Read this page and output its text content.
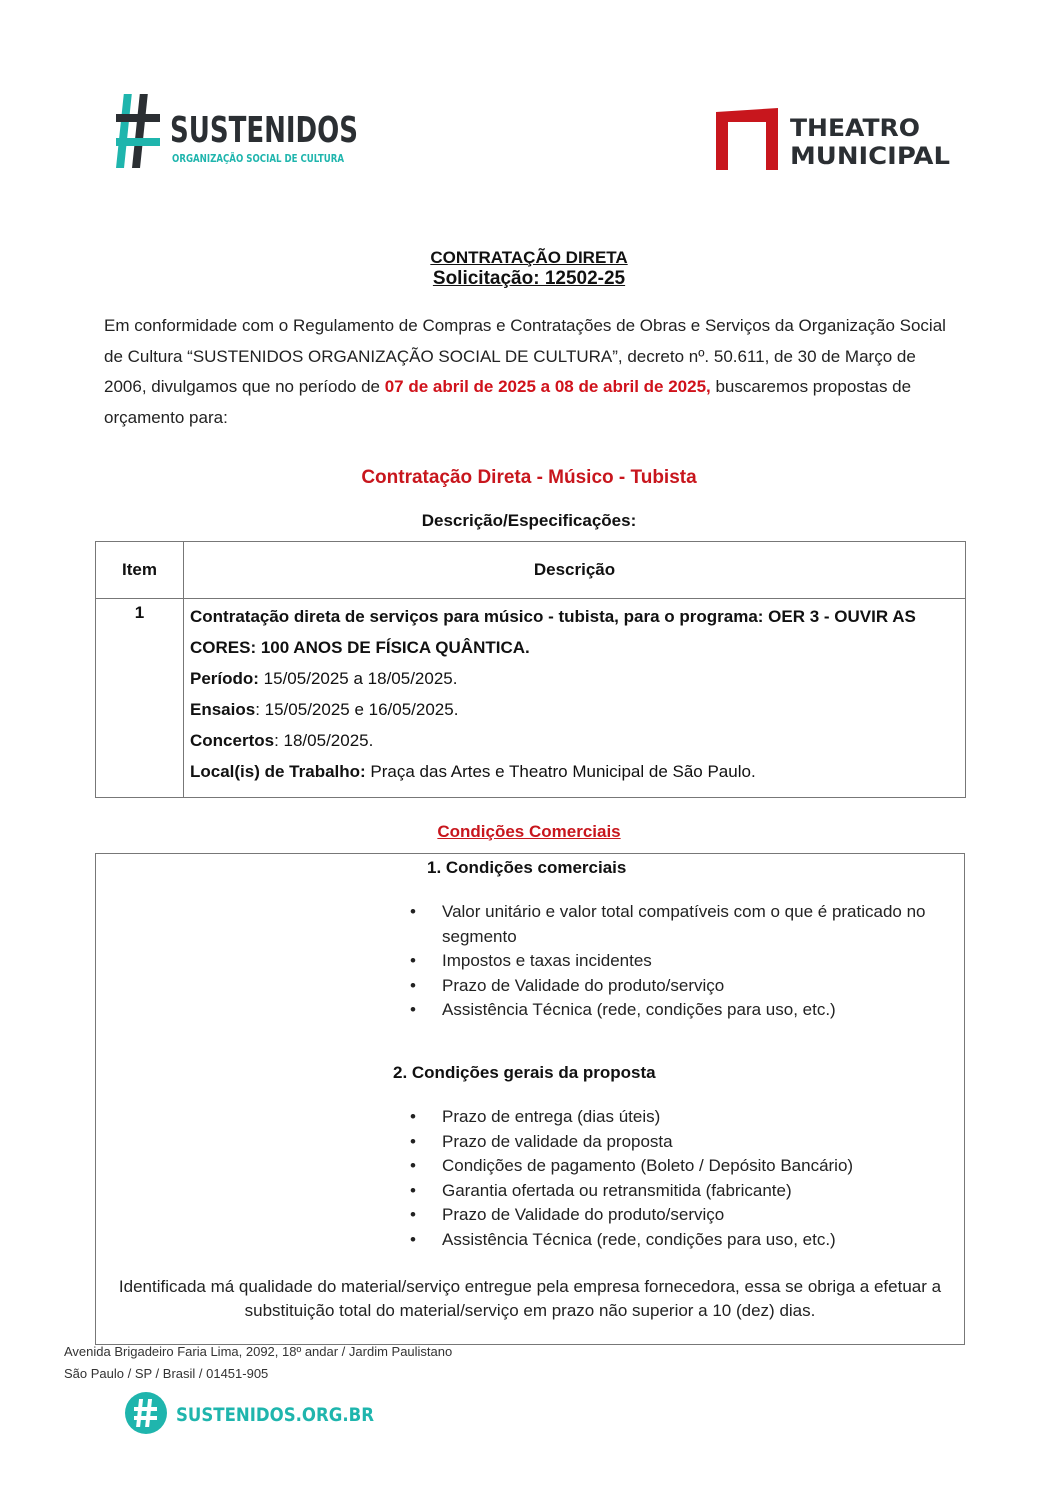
SUSTENIDOS
ORGANIZAÇÃO SOCIAL DE CULTURA
THEATRO
MUNICIPAL
CONTRATAÇÃO DIRETA
Solicitação: 12502-25
Em conformidade com o Regulamento de Compras e Contratações de Obras e Serviços da Organização Social de Cultura “SUSTENIDOS ORGANIZAÇÃO SOCIAL DE CULTURA”, decreto nº. 50.611, de 30 de Março de 2006, divulgamos que no período de 07 de abril de 2025 a 08 de abril de 2025, buscaremos propostas de orçamento para:
Contratação Direta - Músico - Tubista
Descrição/Especificações:
Item	Descrição
1	Contratação direta de serviços para músico - tubista, para o programa: OER 3 - OUVIR AS CORES: 100 ANOS DE FÍSICA QUÂNTICA.
Período: 15/05/2025 a 18/05/2025.
Ensaios: 15/05/2025 e 16/05/2025.
Concertos: 18/05/2025.
Local(is) de Trabalho: Praça das Artes e Theatro Municipal de São Paulo.
Condições Comerciais
1. Condições comerciais
• Valor unitário e valor total compatíveis com o que é praticado no segmento
• Impostos e taxas incidentes
• Prazo de Validade do produto/serviço
• Assistência Técnica (rede, condições para uso, etc.)
2. Condições gerais da proposta
• Prazo de entrega (dias úteis)
• Prazo de validade da proposta
• Condições de pagamento (Boleto / Depósito Bancário)
• Garantia ofertada ou retransmitida (fabricante)
• Prazo de Validade do produto/serviço
• Assistência Técnica (rede, condições para uso, etc.)
Identificada má qualidade do material/serviço entregue pela empresa fornecedora, essa se obriga a efetuar a substituição total do material/serviço em prazo não superior a 10 (dez) dias.
Avenida Brigadeiro Faria Lima, 2092, 18º andar / Jardim Paulistano
São Paulo / SP / Brasil / 01451-905
SUSTENIDOS.ORG.BR
